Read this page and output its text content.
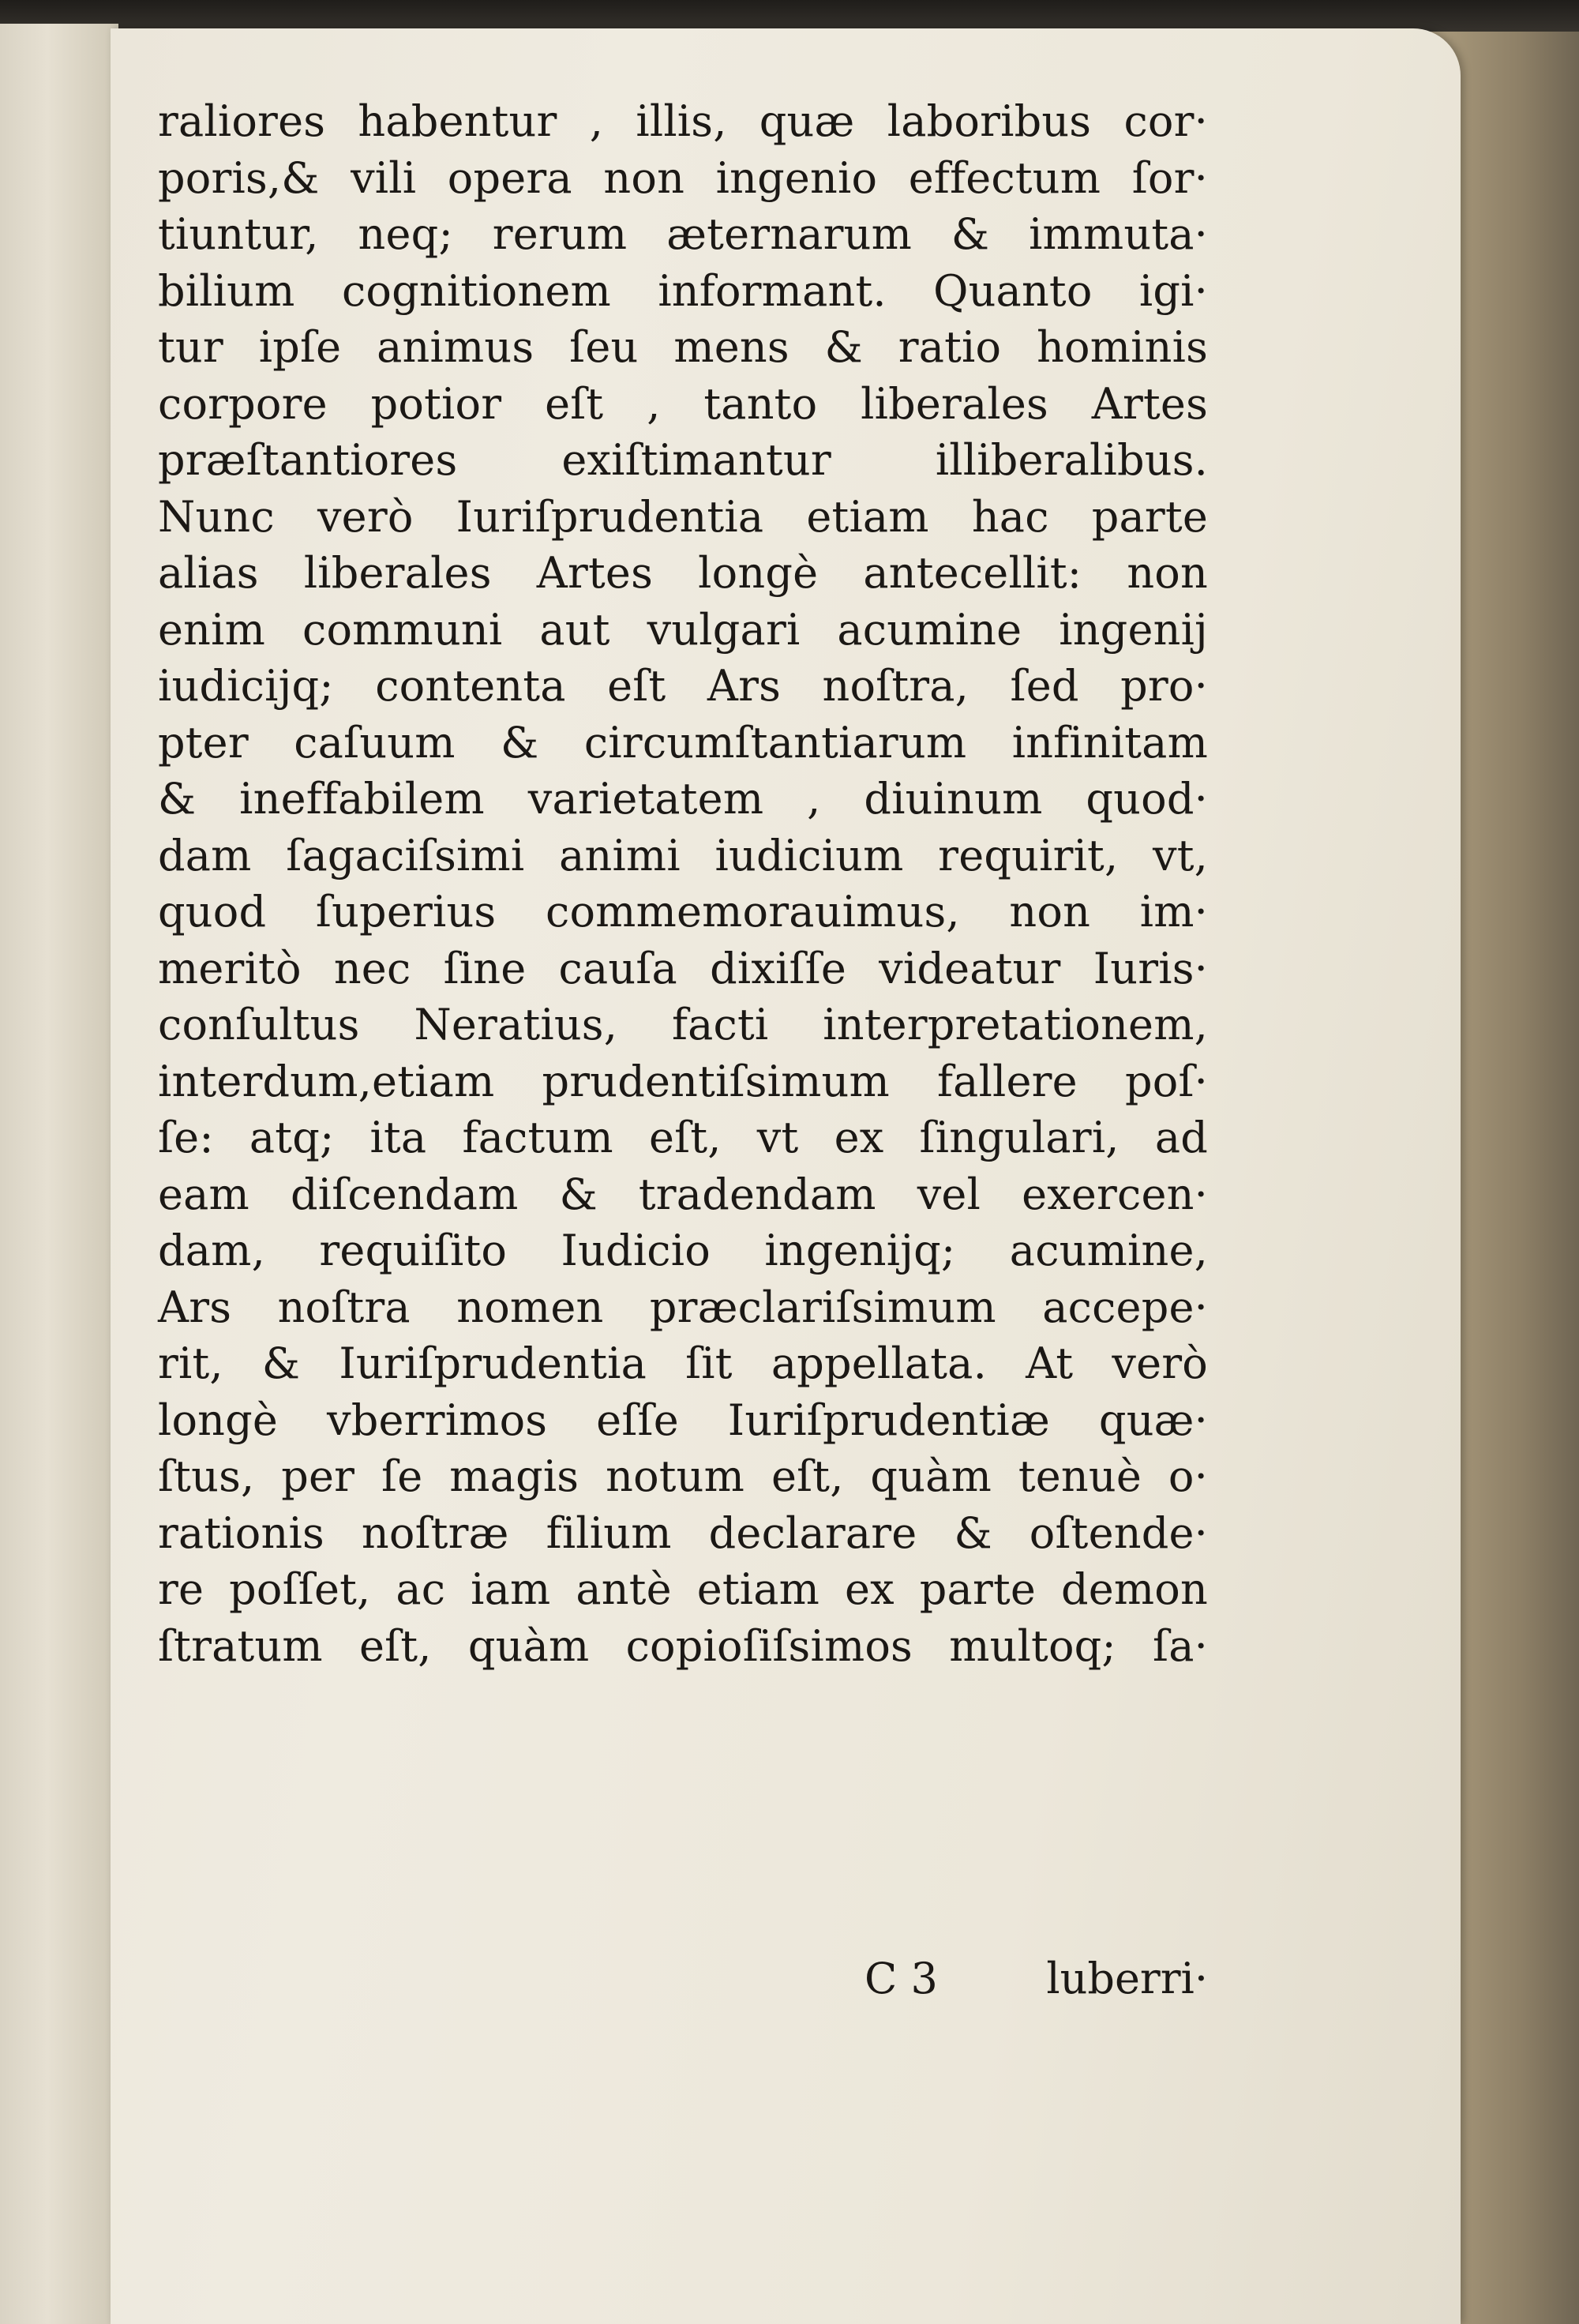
raliores habentur , illis, quæ laboribus cor·
poris,& vili opera non ingenio effectum ſor·
tiuntur, neq; rerum æternarum & immuta·
bilium cognitionem informant. Quanto igi·
tur ipſe animus ſeu mens & ratio hominis
corpore potior eſt , tanto liberales Artes
præſtantiores exiſtimantur illiberalibus.
Nunc verò Iuriſprudentia etiam hac parte
alias liberales Artes longè antecellit: non
enim communi aut vulgari acumine ingenij
iudicijq; contenta eſt Ars noſtra, ſed pro·
pter caſuum & circumſtantiarum infinitam
& ineffabilem varietatem , diuinum quod·
dam ſagaciſsimi animi iudicium requirit, vt,
quod ſuperius commemorauimus, non im·
meritò nec ſine cauſa dixiſſe videatur Iuris·
conſultus Neratius, facti interpretationem,
interdum,etiam prudentiſsimum fallere poſ·
ſe: atq; ita factum eſt, vt ex ſingulari, ad
eam diſcendam & tradendam vel exercen·
dam, requiſito Iudicio ingenijq; acumine,
Ars noſtra nomen præclariſsimum accepe·
rit, & Iuriſprudentia ſit appellata. At verò
longè vberrimos eſſe Iuriſprudentiæ quæ·
ſtus, per ſe magis notum eſt, quàm tenuè o·
rationis noſtræ filium declarare & oſtende·
re poſſet, ac iam antè etiam ex parte demon
ſtratum eſt, quàm copioſiſsimos multoq; ſa·
C 3	luberri·
